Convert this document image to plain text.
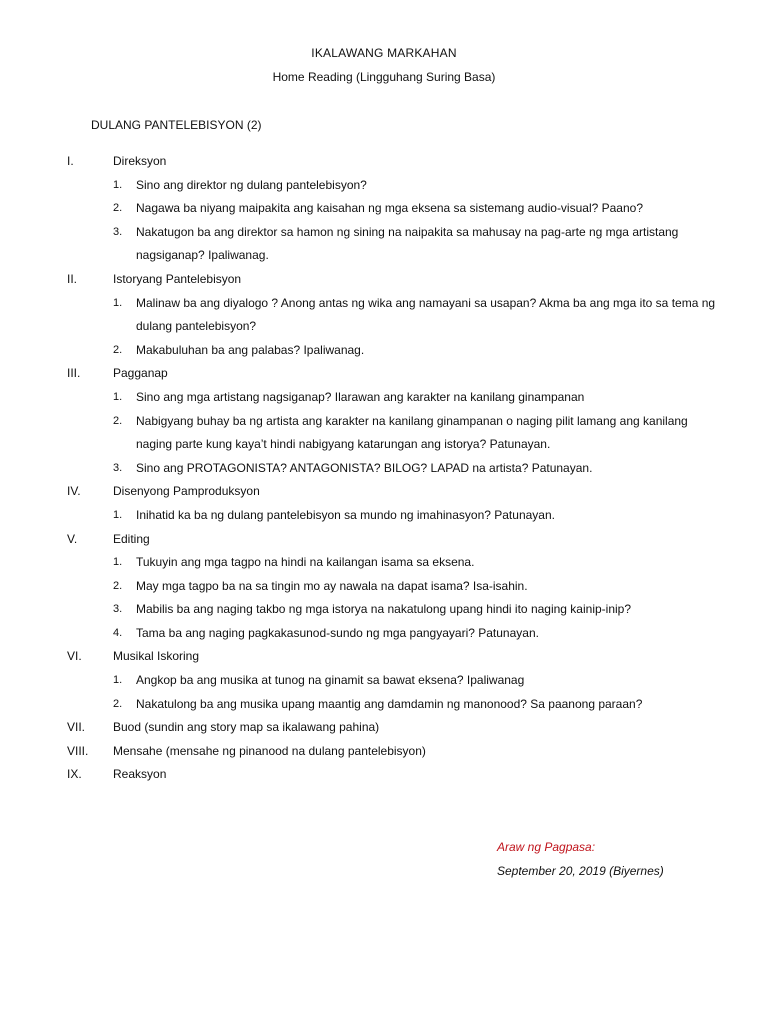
IKALAWANG MARKAHAN
Home Reading (Lingguhang Suring Basa)
DULANG PANTELEBISYON (2)
I.	Direksyon
1. Sino ang direktor ng dulang pantelebisyon?
2. Nagawa ba niyang maipakita ang kaisahan ng mga eksena sa sistemang audio-visual? Paano?
3. Nakatugon ba ang direktor sa hamon ng sining na naipakita sa mahusay na pag-arte ng mga artistang nagsiganap? Ipaliwanag.
II.	Istoryang Pantelebisyon
1. Malinaw ba ang diyalogo ? Anong antas ng wika ang namayani sa usapan? Akma ba ang mga ito sa tema ng dulang pantelebisyon?
2. Makabuluhan ba ang palabas? Ipaliwanag.
III.	Pagganap
1. Sino ang mga artistang nagsiganap? Ilarawan ang karakter na kanilang ginampanan
2. Nabigyang buhay ba ng artista ang karakter na kanilang ginampanan o naging pilit lamang ang kanilang naging parte kung kaya’t hindi nabigyang katarungan ang istorya? Patunayan.
3. Sino ang PROTAGONISTA? ANTAGONISTA? BILOG? LAPAD na artista? Patunayan.
IV.	Disenyong Pamproduksyon
1. Inihatid ka ba ng dulang pantelebisyon sa mundo ng imahinasyon? Patunayan.
V.	Editing
1. Tukuyin ang mga tagpo na hindi na kailangan isama sa eksena.
2. May mga tagpo ba na sa tingin mo ay nawala na dapat isama? Isa-isahin.
3. Mabilis ba ang naging takbo ng mga istorya na nakatulong upang hindi ito naging kainip-inip?
4. Tama ba ang naging pagkakasunod-sundo ng mga pangyayari? Patunayan.
VI.	Musikal Iskoring
1. Angkop ba ang musika at tunog na ginamit sa bawat eksena? Ipaliwanag
2. Nakatulong ba ang musika upang maantig ang damdamin ng manonood? Sa paanong paraan?
VII. Buod (sundin ang story map sa ikalawang pahina)
VIII. Mensahe (mensahe ng pinanood na dulang pantelebisyon)
IX.	Reaksyon
Araw ng Pagpasa:
September 20, 2019 (Biyernes)
